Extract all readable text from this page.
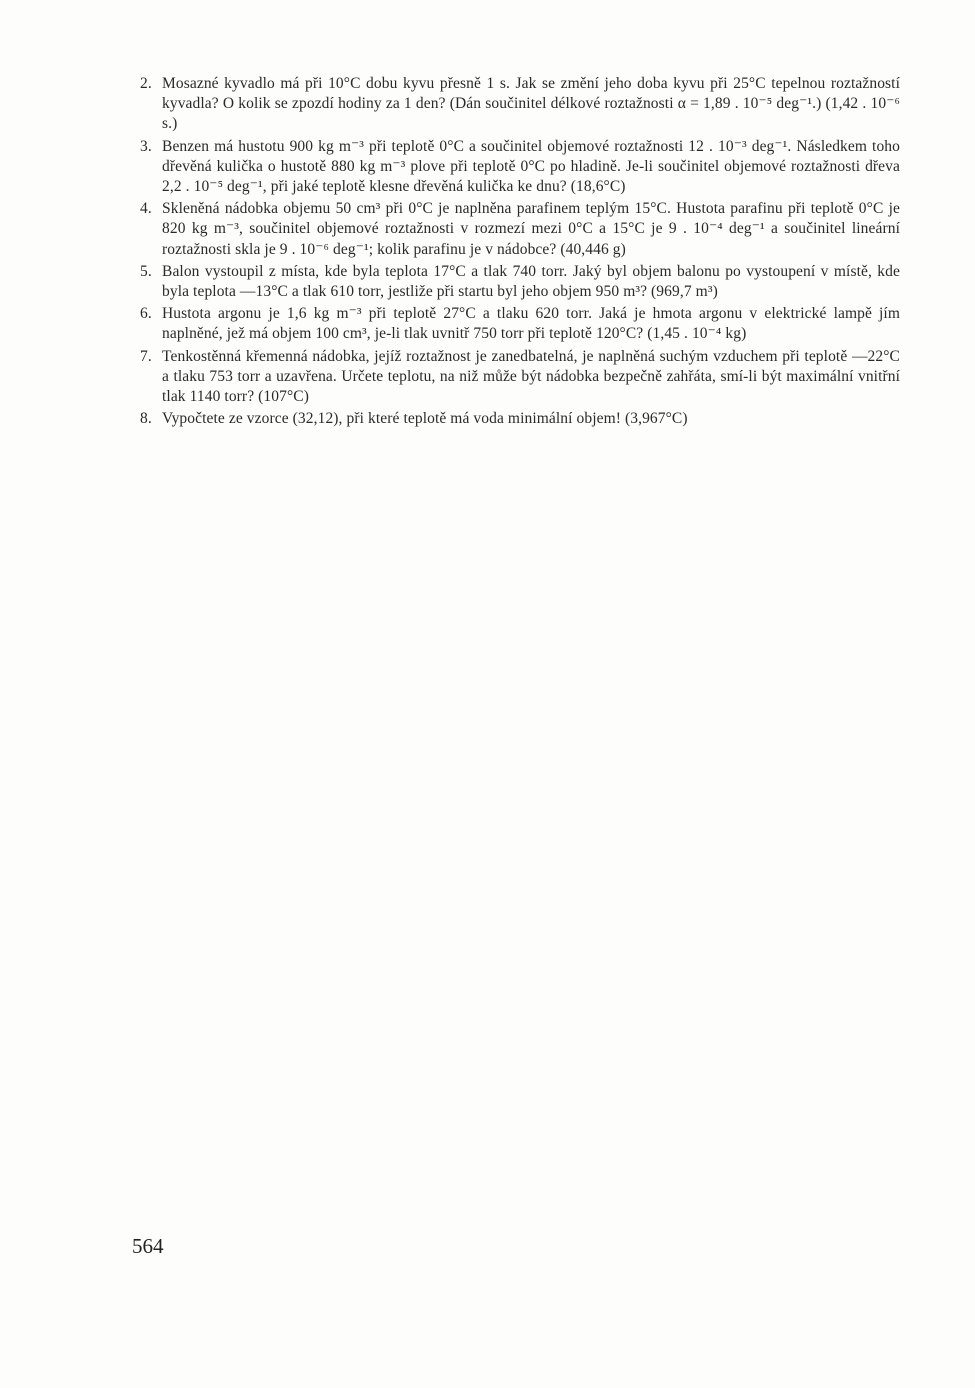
2. Mosazné kyvadlo má při 10°C dobu kyvu přesně 1 s. Jak se změní jeho doba kyvu při 25°C tepelnou roztažností kyvadla? O kolik se zpozdí hodiny za 1 den? (Dán součinitel délkové roztažnosti α = 1,89 . 10⁻⁵ deg⁻¹.) (1,42 . 10⁻⁶ s.)
3. Benzen má hustotu 900 kg m⁻³ při teplotě 0°C a součinitel objemové roztažnosti 12 . 10⁻³ deg⁻¹. Následkem toho dřevěná kulička o hustotě 880 kg m⁻³ plove při teplotě 0°C po hladině. Je-li součinitel objemové roztažnosti dřeva 2,2 . 10⁻⁵ deg⁻¹, při jaké teplotě klesne dřevěná kulička ke dnu? (18,6°C)
4. Skleněná nádobka objemu 50 cm³ při 0°C je naplněna parafinem teplým 15°C. Hustota parafinu při teplotě 0°C je 820 kg m⁻³, součinitel objemové roztažnosti v rozmezí mezi 0°C a 15°C je 9 . 10⁻⁴ deg⁻¹ a součinitel lineární roztažnosti skla je 9 . 10⁻⁶ deg⁻¹; kolik parafinu je v nádobce? (40,446 g)
5. Balon vystoupil z místa, kde byla teplota 17°C a tlak 740 torr. Jaký byl objem balonu po vystoupení v místě, kde byla teplota —13°C a tlak 610 torr, jestliže při startu byl jeho objem 950 m³? (969,7 m³)
6. Hustota argonu je 1,6 kg m⁻³ při teplotě 27°C a tlaku 620 torr. Jaká je hmota argonu v elektrické lampě jím naplněné, jež má objem 100 cm³, je-li tlak uvnitř 750 torr při teplotě 120°C? (1,45 . 10⁻⁴ kg)
7. Tenkostěnná křemenná nádobka, jejíž roztažnost je zanedbatelná, je naplněná suchým vzduchem při teplotě —22°C a tlaku 753 torr a uzavřena. Určete teplotu, na niž může být nádobka bezpečně zahřáta, smí-li být maximální vnitřní tlak 1140 torr? (107°C)
8. Vypočtete ze vzorce (32,12), při které teplotě má voda minimální objem! (3,967°C)
564
